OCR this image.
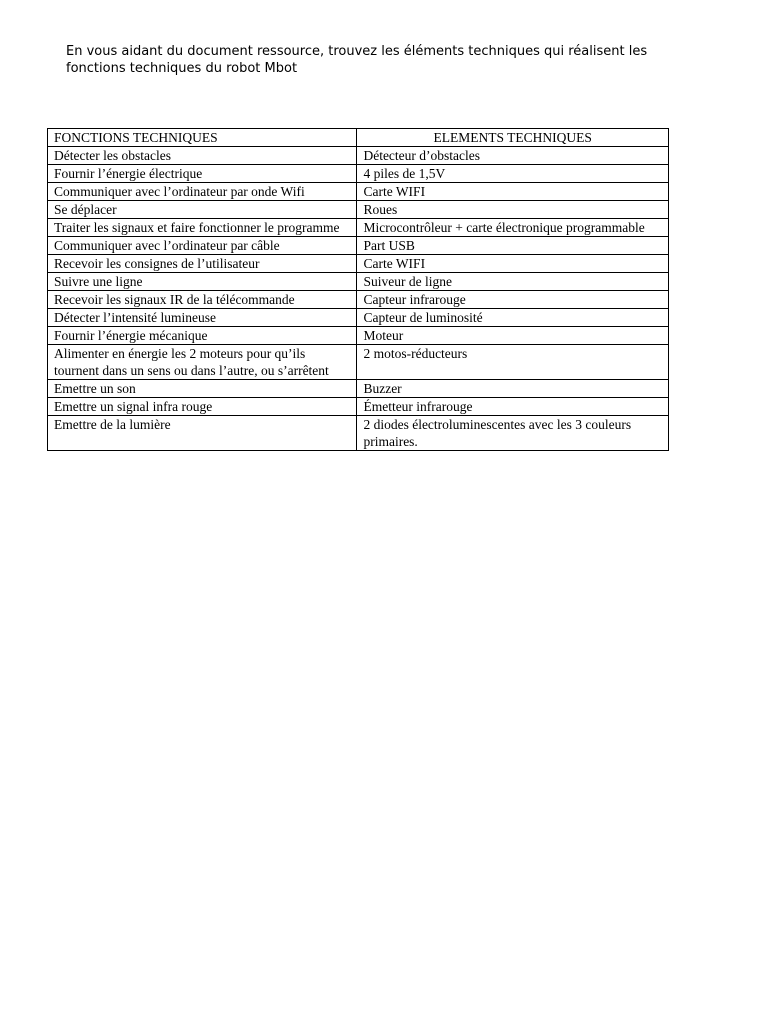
En vous aidant du document ressource, trouvez les éléments techniques qui réalisent les fonctions techniques du robot Mbot

FONCTIONS TECHNIQUES	ELEMENTS TECHNIQUES
Détecter les obstacles	Détecteur d’obstacles
Fournir l’énergie électrique	4 piles de 1,5V
Communiquer avec l’ordinateur par onde Wifi	Carte WIFI
Se déplacer	Roues
Traiter les signaux et faire fonctionner le programme	Microcontrôleur + carte électronique programmable
Communiquer avec l’ordinateur par câble	Part USB
Recevoir les consignes de l’utilisateur	Carte WIFI
Suivre une ligne	Suiveur de ligne
Recevoir les signaux IR de la télécommande	Capteur infrarouge
Détecter l’intensité lumineuse	Capteur de luminosité
Fournir l’énergie mécanique	Moteur
Alimenter en énergie les 2 moteurs pour qu’ils tournent dans un sens ou dans l’autre, ou s’arrêtent	2 motos-réducteurs
Emettre un son	Buzzer
Emettre un signal infra rouge	Émetteur infrarouge
Emettre de la lumière	2 diodes électroluminescentes avec les 3 couleurs primaires.
